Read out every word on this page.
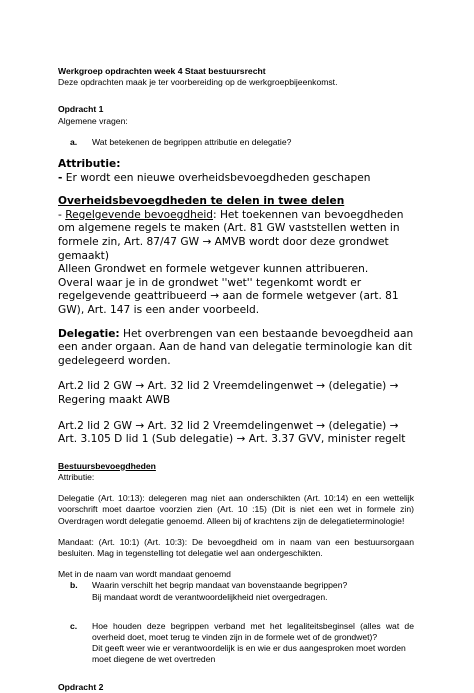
Werkgroep opdrachten week 4 Staat bestuursrecht

Deze opdrachten maak je ter voorbereiding op de werkgroepbijeenkomst.

Opdracht 1

Algemene vragen:

a.	Wat betekenen de begrippen attributie en delegatie?

Attributie:

- Er wordt een nieuwe overheidsbevoegdheden geschapen

Overheidsbevoegdheden te delen in twee delen

- Regelgevende bevoegdheid: Het toekennen van bevoegdheden om algemene regels te maken (Art. 81 GW vaststellen wetten in formele zin, Art. 87/47 GW → AMVB wordt door deze grondwet gemaakt)

Alleen Grondwet en formele wetgever kunnen attribueren.

Overal waar je in de grondwet ''wet'' tegenkomt wordt er regelgevende geattribueerd → aan de formele wetgever (art. 81 GW), Art. 147 is een ander voorbeeld.

Delegatie: Het overbrengen van een bestaande bevoegdheid aan een ander orgaan. Aan de hand van delegatie terminologie kan dit gedelegeerd worden.

Art.2 lid 2 GW → Art. 32 lid 2 Vreemdelingenwet → (delegatie) → Regering maakt AWB

Art.2 lid 2 GW → Art. 32 lid 2 Vreemdelingenwet → (delegatie) → Art. 3.105 D lid 1 (Sub delegatie) → Art. 3.37 GVV, minister regelt

Bestuursbevoegdheden

Attributie:

Delegatie (Art. 10:13): delegeren mag niet aan onderschikten (Art. 10:14) en een wettelijk voorschrift moet daartoe voorzien zien (Art. 10 :15) (Dit is niet een wet in formele zin) Overdragen wordt delegatie genoemd. Alleen bij of krachtens zijn de delegatieterminologie!

Mandaat: (Art. 10:1) (Art. 10:3): De bevoegdheid om in naam van een bestuursorgaan besluiten. Mag in tegenstelling tot delegatie wel aan ondergeschikten.

Met in de naam van wordt mandaat genoemd

b.	Waarin verschilt het begrip mandaat van bovenstaande begrippen?

Bij mandaat wordt de verantwoordelijkheid niet overgedragen.

c.	Hoe houden deze begrippen verband met het legaliteitsbeginsel (alles wat de overheid doet, moet terug te vinden zijn in de formele wet of de grondwet)?

Dit geeft weer wie er verantwoordelijk is en wie er dus aangesproken moet worden moet diegene de wet overtreden

Opdracht 2
